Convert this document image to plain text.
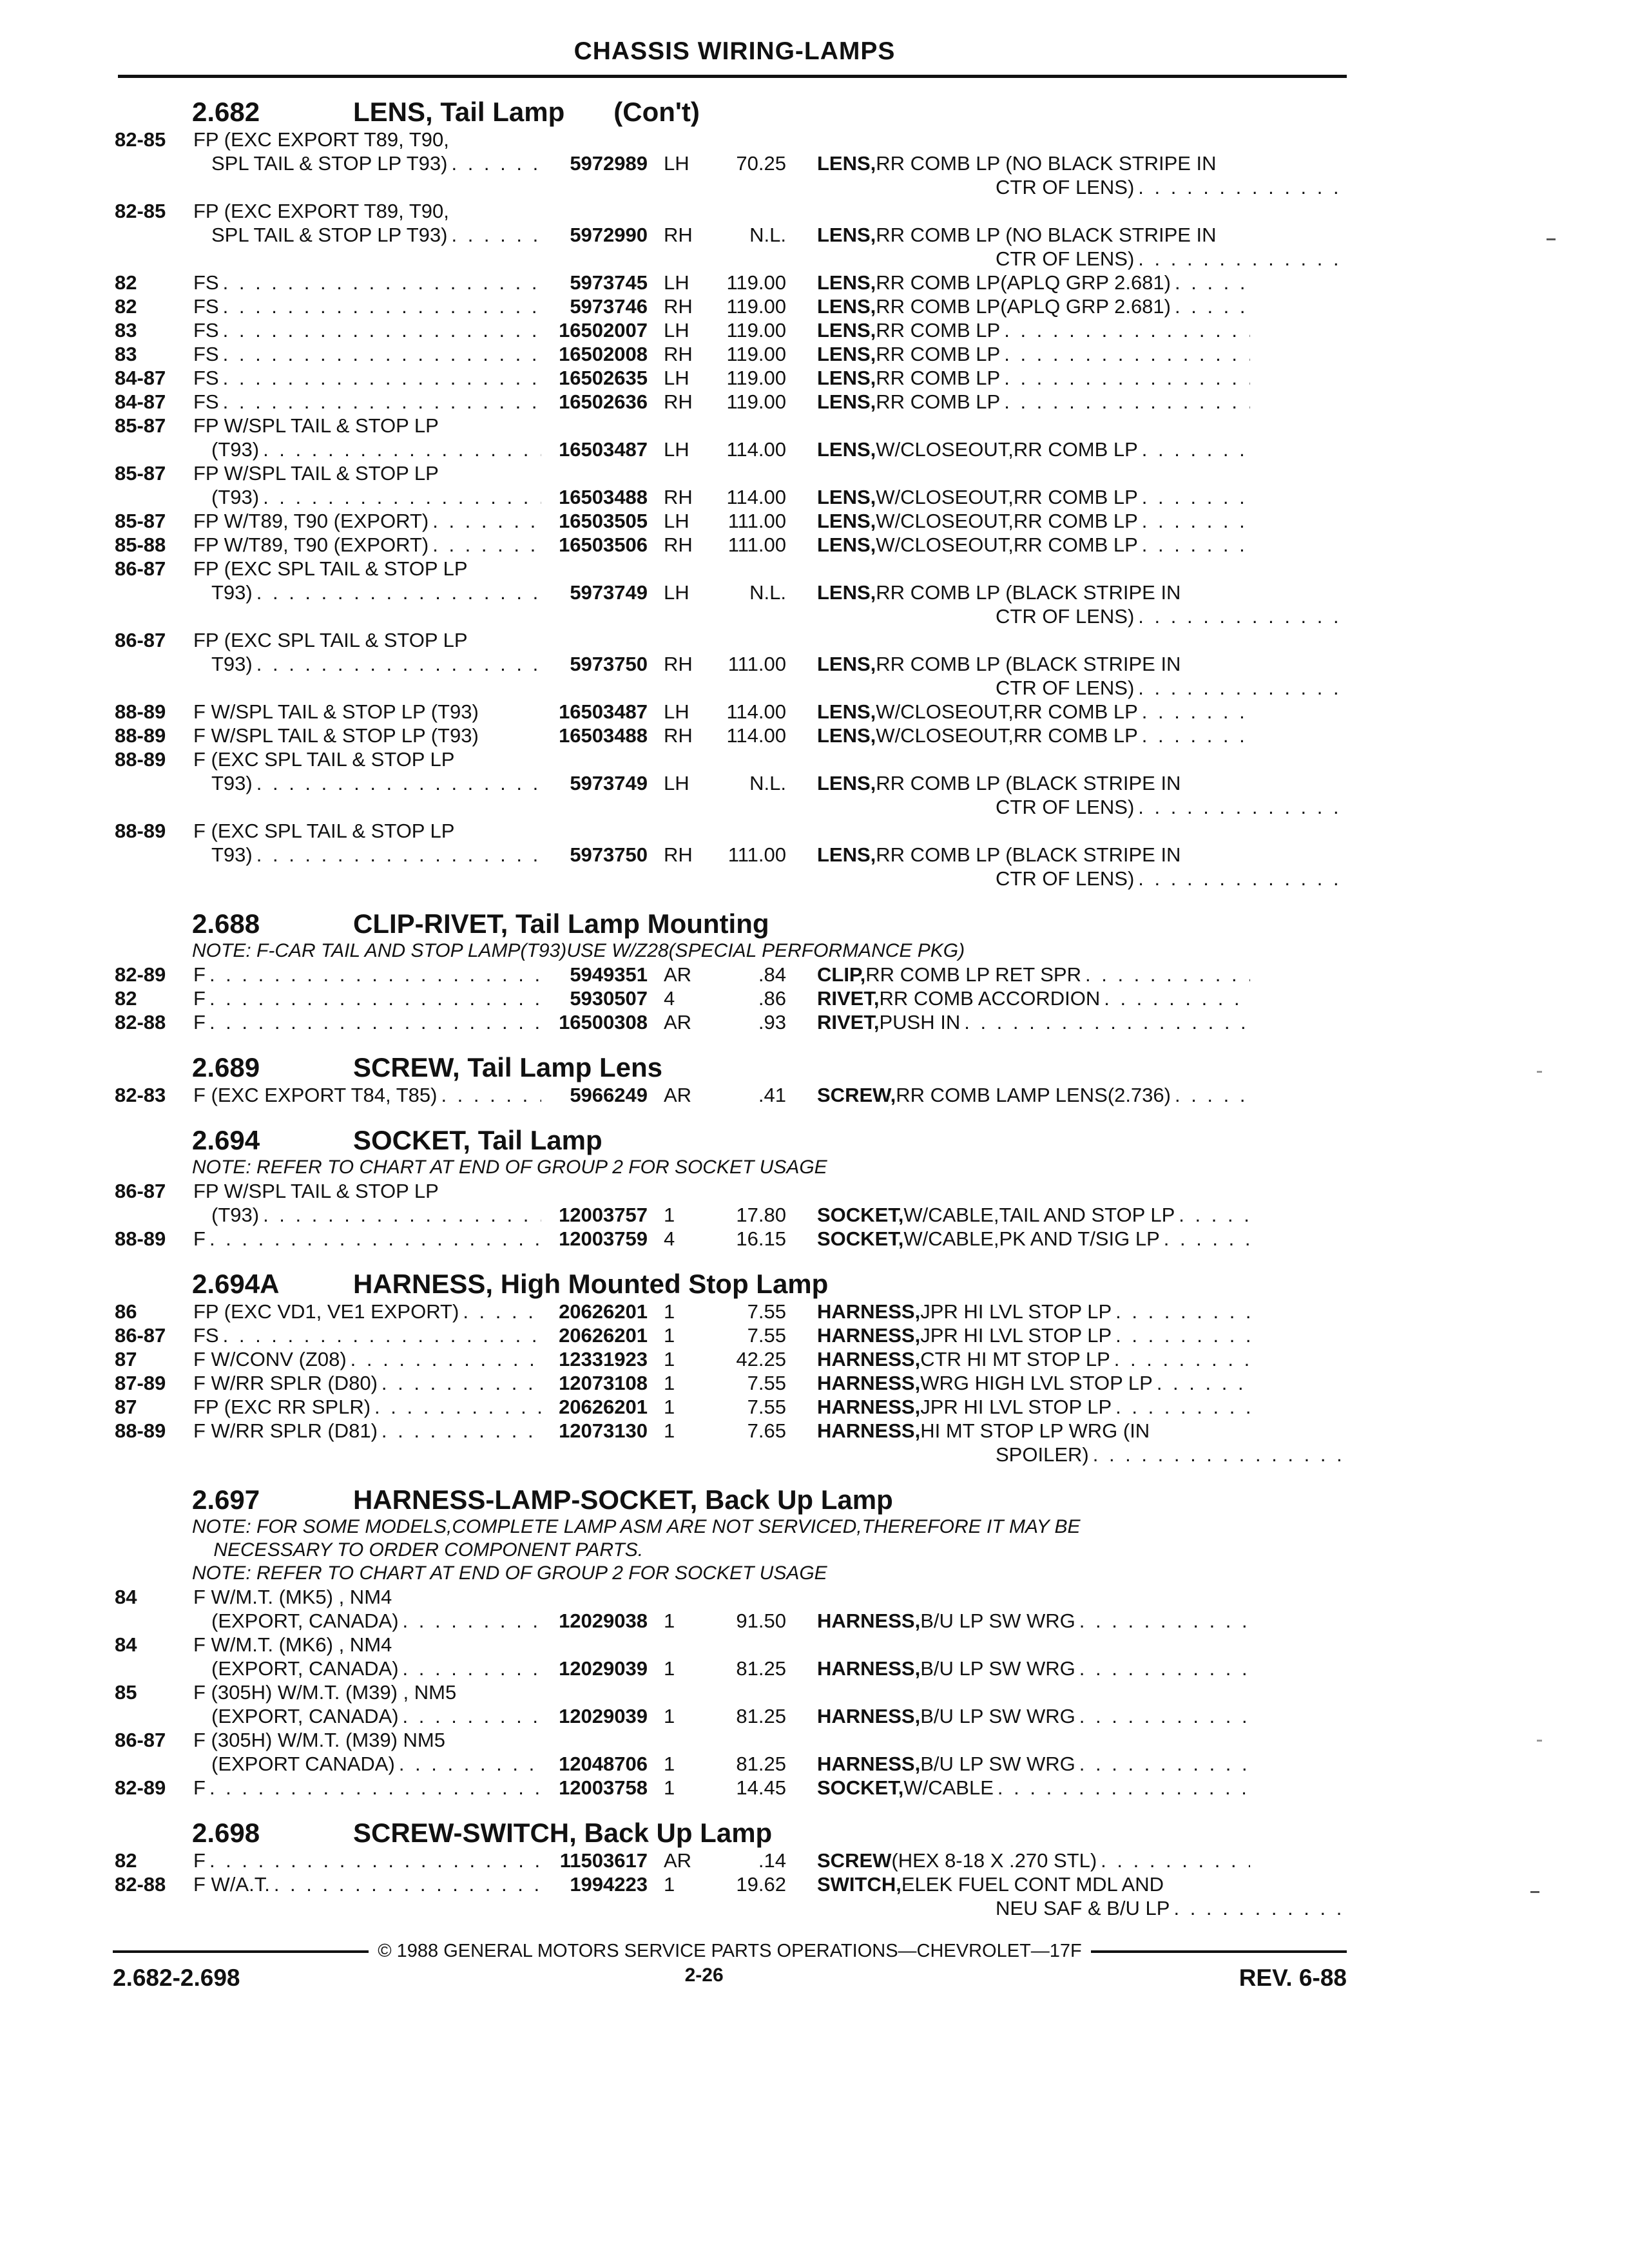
CHASSIS WIRING-LAMPS
2.682	LENS, Tail Lamp (Con't)
82-85	FP (EXC EXPORT T89, T90,
SPL TAIL & STOP LP T93) . . .	5972989 LH	70.25 LENS, RR COMB LP (NO BLACK STRIPE IN
CTR OF LENS)
. . .
82-85	FP (EXC EXPORT T89, T90,
SPL TAIL & STOP LP T93) . . .	5972990 RH	N.L. LENS, RR COMB LP (NO BLACK STRIPE IN
CTR OF LENS)
. . .
82	FS . . .	5973745 LH	119.00 LENS, RR COMB LP(APLQ GRP 2.681)
. . .
82	FS . . .	5973746 RH	119.00 LENS, RR COMB LP(APLQ GRP 2.681)
. . .
83	FS . . .	16502007 LH	119.00 LENS, RR COMB LP
. . .
83	FS . . .	16502008 RH	119.00 LENS, RR COMB LP
. . .
84-87	FS . . .	16502635 LH	119.00 LENS, RR COMB LP
. . .
84-87	FS . . .	16502636 RH	119.00 LENS, RR COMB LP
. . .
85-87	FP W/SPL TAIL & STOP LP
(T93) . . .	16503487 LH	114.00 LENS, W/CLOSEOUT,RR COMB LP
. . .
85-87	FP W/SPL TAIL & STOP LP
(T93) . . .	16503488 RH	114.00 LENS, W/CLOSEOUT,RR COMB LP
. . .
85-87	FP W/T89, T90 (EXPORT) . . .	16503505 LH	111.00 LENS, W/CLOSEOUT,RR COMB LP
. . .
85-88	FP W/T89, T90 (EXPORT) . . .	16503506 RH	111.00 LENS, W/CLOSEOUT,RR COMB LP
. . .
86-87	FP (EXC SPL TAIL & STOP LP
T93) . . .	5973749 LH	N.L. LENS, RR COMB LP (BLACK STRIPE IN
CTR OF LENS)
. . .
86-87	FP (EXC SPL TAIL & STOP LP
T93) . . .	5973750 RH	111.00 LENS, RR COMB LP (BLACK STRIPE IN
CTR OF LENS)
. . .
88-89	F W/SPL TAIL & STOP LP (T93)	16503487 LH	114.00 LENS, W/CLOSEOUT,RR COMB LP
. . .
88-89	F W/SPL TAIL & STOP LP (T93)	16503488 RH	114.00 LENS, W/CLOSEOUT,RR COMB LP
. . .
88-89	F (EXC SPL TAIL & STOP LP
T93) . . .	5973749 LH	N.L. LENS, RR COMB LP (BLACK STRIPE IN
CTR OF LENS)
. . .
88-89	F (EXC SPL TAIL & STOP LP
T93) . . .	5973750 RH	111.00 LENS, RR COMB LP (BLACK STRIPE IN
CTR OF LENS)
. . .
2.688	CLIP-RIVET, Tail Lamp Mounting
NOTE: F-CAR TAIL AND STOP LAMP(T93)USE W/Z28(SPECIAL PERFORMANCE PKG)
82-89	F . . .	5949351 AR	.84 CLIP, RR COMB LP RET SPR
. . .
82	F . . .	5930507 4	.86 RIVET, RR COMB ACCORDION
. . .
82-88	F . . .	16500308 AR	.93 RIVET, PUSH IN
. . .
2.689	SCREW, Tail Lamp Lens
82-83	F (EXC EXPORT T84, T85) . . .	5966249 AR	.41 SCREW, RR COMB LAMP LENS(2.736)
. . .
2.694	SOCKET, Tail Lamp
NOTE: REFER TO CHART AT END OF GROUP 2 FOR SOCKET USAGE
86-87	FP W/SPL TAIL & STOP LP
(T93) . . .	12003757 1	17.80 SOCKET, W/CABLE,TAIL AND STOP LP
. . .
88-89	F . . .	12003759 4	16.15 SOCKET, W/CABLE,PK AND T/SIG LP
. . .
2.694A	HARNESS, High Mounted Stop Lamp
86	FP (EXC VD1, VE1 EXPORT) . . .	20626201 1	7.55 HARNESS, JPR HI LVL STOP LP
. . .
86-87	FS . . .	20626201 1	7.55 HARNESS, JPR HI LVL STOP LP
. . .
87	F W/CONV (Z08) . . .	12331923 1	42.25 HARNESS, CTR HI MT STOP LP
. . .
87-89	F W/RR SPLR (D80) . . .	12073108 1	7.55 HARNESS, WRG HIGH LVL STOP LP
. . .
87	FP (EXC RR SPLR) . . .	20626201 1	7.55 HARNESS, JPR HI LVL STOP LP
. . .
88-89	F W/RR SPLR (D81) . . .	12073130 1	7.65 HARNESS, HI MT STOP LP WRG (IN
SPOILER)
. . .
2.697	HARNESS-LAMP-SOCKET, Back Up Lamp
NOTE: FOR SOME MODELS,COMPLETE LAMP ASM ARE NOT SERVICED,THEREFORE IT MAY BE
NECESSARY TO ORDER COMPONENT PARTS.
NOTE: REFER TO CHART AT END OF GROUP 2 FOR SOCKET USAGE
84	F W/M.T. (MK5) , NM4
(EXPORT, CANADA) . . .	12029038 1	91.50 HARNESS, B/U LP SW WRG
. . .
84	F W/M.T. (MK6) , NM4
(EXPORT, CANADA) . . .	12029039 1	81.25 HARNESS, B/U LP SW WRG
. . .
85	F (305H) W/M.T. (M39) , NM5
(EXPORT, CANADA) . . .	12029039 1	81.25 HARNESS, B/U LP SW WRG
. . .
86-87	F (305H) W/M.T. (M39) NM5
(EXPORT CANADA) . . .	12048706 1	81.25 HARNESS, B/U LP SW WRG
. . .
82-89	F . . .	12003758 1	14.45 SOCKET, W/CABLE
. . .
2.698	SCREW-SWITCH, Back Up Lamp
82	F . . .	11503617 AR	.14 SCREW (HEX 8-18 X .270 STL)
. . .
82-88	F W/A.T. . . .	1994223 1	19.62 SWITCH, ELEK FUEL CONT MDL AND
NEU SAF & B/U LP
. . .
© 1988 GENERAL MOTORS SERVICE PARTS OPERATIONS—CHEVROLET—17F
2.682-2.698	2-26	REV. 6-88
